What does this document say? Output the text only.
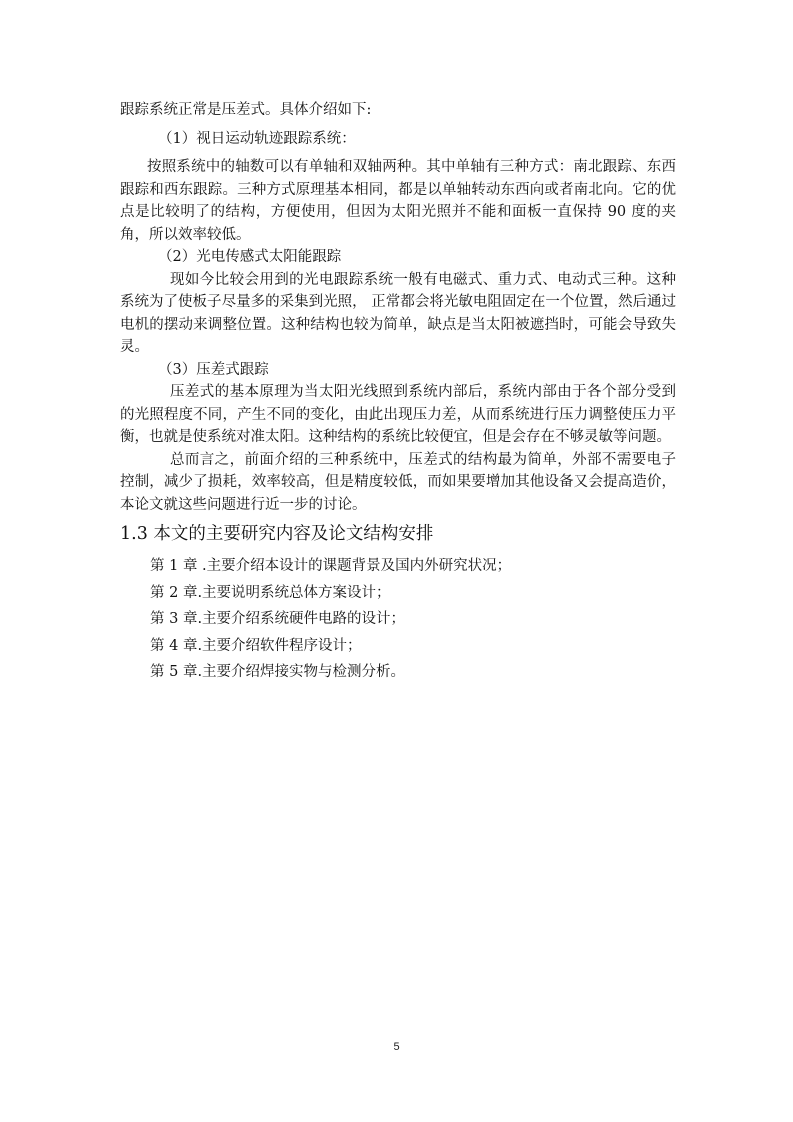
跟踪系统正常是压差式。具体介绍如下:

（1）视日运动轨迹跟踪系统：

按照系统中的轴数可以有单轴和双轴两种。其中单轴有三种方式：南北跟踪、东西跟踪和西东跟踪。三种方式原理基本相同，都是以单轴转动东西向或者南北向。它的优点是比较明了的结构，方便使用，但因为太阳光照并不能和面板一直保持 90 度的夹角，所以效率较低。

（2）光电传感式太阳能跟踪

现如今比较会用到的光电跟踪系统一般有电磁式、重力式、电动式三种。这种系统为了使板子尽量多的采集到光照， 正常都会将光敏电阻固定在一个位置，然后通过电机的摆动来调整位置。这种结构也较为简单，缺点是当太阳被遮挡时，可能会导致失灵。

（3）压差式跟踪

压差式的基本原理为当太阳光线照到系统内部后，系统内部由于各个部分受到的光照程度不同，产生不同的变化，由此出现压力差，从而系统进行压力调整使压力平衡，也就是使系统对准太阳。这种结构的系统比较便宜，但是会存在不够灵敏等问题。

总而言之，前面介绍的三种系统中，压差式的结构最为简单，外部不需要电子控制，减少了损耗，效率较高，但是精度较低，而如果要增加其他设备又会提高造价，本论文就这些问题进行近一步的讨论。

1.3 本文的主要研究内容及论文结构安排
第 1 章 .主要介绍本设计的课题背景及国内外研究状况；
第 2 章.主要说明系统总体方案设计；
第 3 章.主要介绍系统硬件电路的设计；
第 4 章.主要介绍软件程序设计；
第 5 章.主要介绍焊接实物与检测分析。
5
